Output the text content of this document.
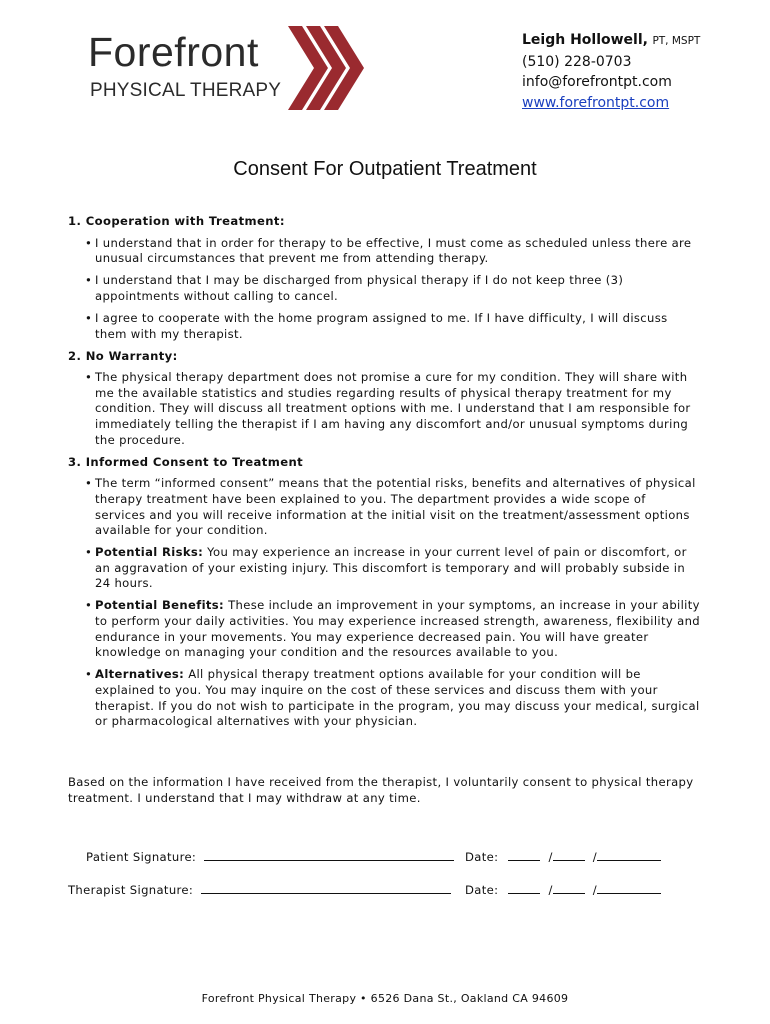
Forefront
PHYSICAL THERAPY
Leigh Hollowell, PT, MSPT
(510) 228-0703
info@forefrontpt.com
www.forefrontpt.com
Consent For Outpatient Treatment

1. Cooperation with Treatment:

• I understand that in order for therapy to be effective, I must come as scheduled unless there are unusual circumstances that prevent me from attending therapy.
• I understand that I may be discharged from physical therapy if I do not keep three (3) appointments without calling to cancel.
• I agree to cooperate with the home program assigned to me. If I have difficulty, I will discuss them with my therapist.

2. No Warranty:

• The physical therapy department does not promise a cure for my condition. They will share with me the available statistics and studies regarding results of physical therapy treatment for my condition. They will discuss all treatment options with me. I understand that I am responsible for immediately telling the therapist if I am having any discomfort and/or unusual symptoms during the procedure.

3. Informed Consent to Treatment

• The term “informed consent” means that the potential risks, benefits and alternatives of physical therapy treatment have been explained to you. The department provides a wide scope of services and you will receive information at the initial visit on the treatment/assessment options available for your condition.
• Potential Risks: You may experience an increase in your current level of pain or discomfort, or an aggravation of your existing injury. This discomfort is temporary and will probably subside in 24 hours.
• Potential Benefits: These include an improvement in your symptoms, an increase in your ability to perform your daily activities. You may experience increased strength, awareness, flexibility and endurance in your movements. You may experience decreased pain. You will have greater knowledge on managing your condition and the resources available to you.
• Alternatives: All physical therapy treatment options available for your condition will be explained to you. You may inquire on the cost of these services and discuss them with your therapist. If you do not wish to participate in the program, you may discuss your medical, surgical or pharmacological alternatives with your physician.
Based on the information I have received from the therapist, I voluntarily consent to physical therapy treatment. I understand that I may withdraw at any time.
Patient Signature:	Date:	/	/
Therapist Signature:	Date:	/	/
Forefront Physical Therapy • 6526 Dana St., Oakland CA 94609
